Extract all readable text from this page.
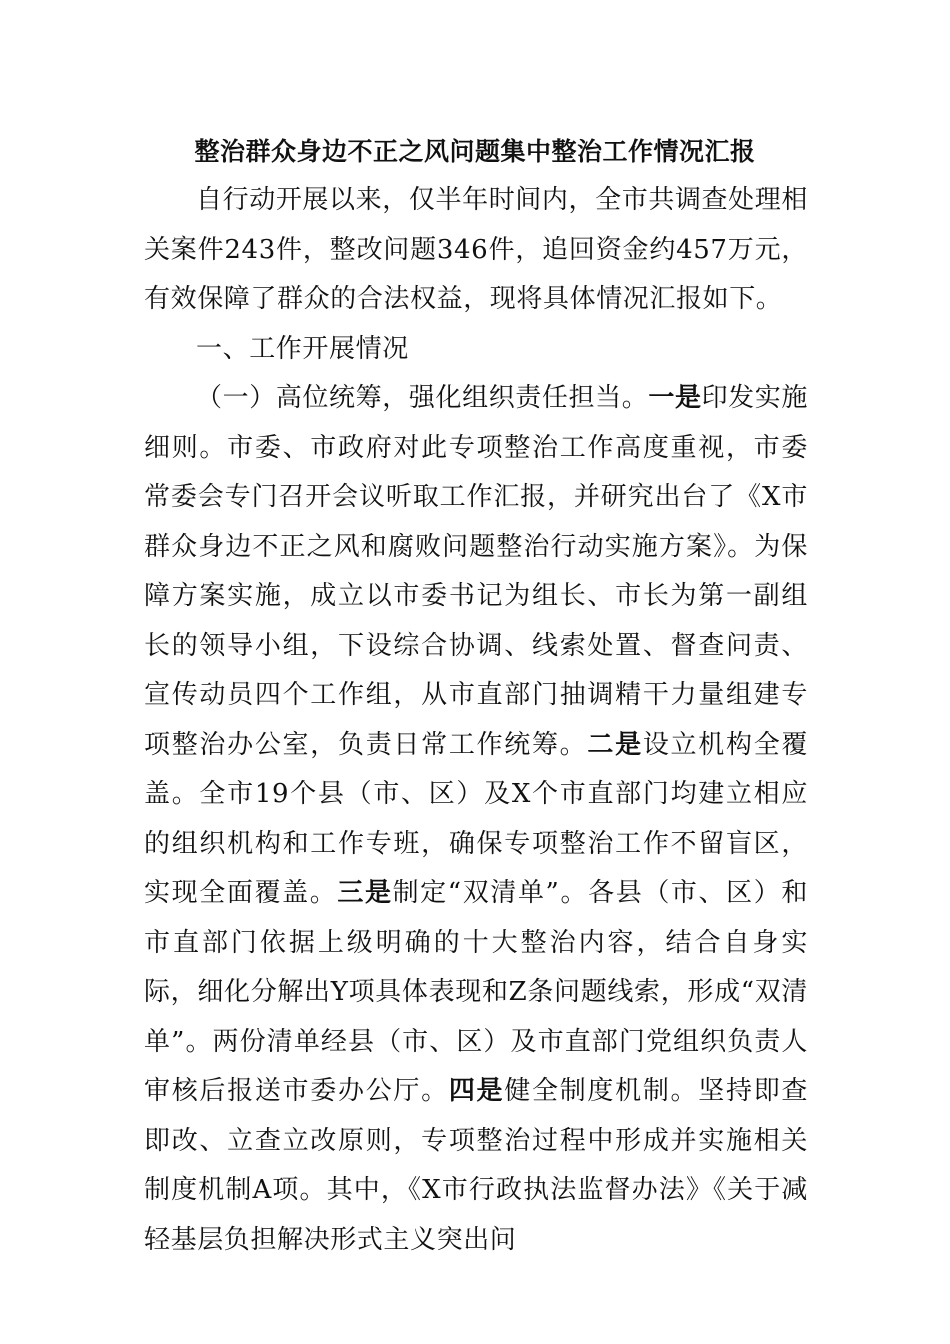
整治群众身边不正之风问题集中整治工作情况汇报

自行动开展以来，仅半年时间内，全市共调查处理相关案件243件，整改问题346件，追回资金约457万元，有效保障了群众的合法权益，现将具体情况汇报如下。

一、工作开展情况

（一）高位统筹，强化组织责任担当。一是印发实施细则。市委、市政府对此专项整治工作高度重视，市委常委会专门召开会议听取工作汇报，并研究出台了《X市群众身边不正之风和腐败问题整治行动实施方案》。为保障方案实施，成立以市委书记为组长、市长为第一副组长的领导小组，下设综合协调、线索处置、督查问责、宣传动员四个工作组，从市直部门抽调精干力量组建专项整治办公室，负责日常工作统筹。二是设立机构全覆盖。全市19个县（市、区）及X个市直部门均建立相应的组织机构和工作专班，确保专项整治工作不留盲区，实现全面覆盖。三是制定“双清单”。各县（市、区）和市直部门依据上级明确的十大整治内容，结合自身实际，细化分解出Y项具体表现和Z条问题线索，形成“双清单”。两份清单经县（市、区）及市直部门党组织负责人审核后报送市委办公厅。四是健全制度机制。坚持即查即改、立查立改原则，专项整治过程中形成并实施相关制度机制A项。其中，《X市行政执法监督办法》《关于减轻基层负担解决形式主义突出问
